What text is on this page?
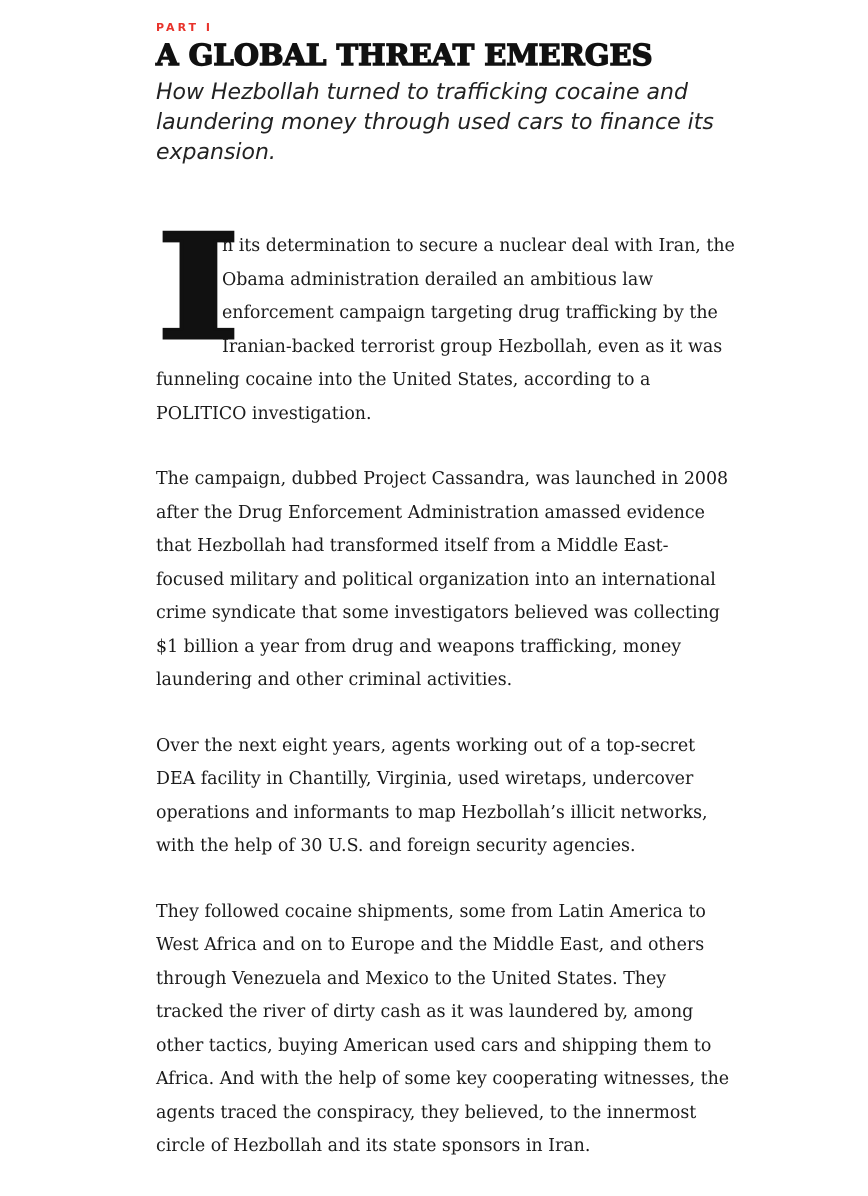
PART I
A GLOBAL THREAT EMERGES
How Hezbollah turned to trafficking cocaine and laundering money through used cars to finance its expansion.

I
n its determination to secure a nuclear deal with Iran, the Obama administration derailed an ambitious law enforcement campaign targeting drug trafficking by the Iranian-backed terrorist group Hezbollah, even as it was funneling cocaine into the United States, according to a POLITICO investigation.

The campaign, dubbed Project Cassandra, was launched in 2008 after the Drug Enforcement Administration amassed evidence that Hezbollah had transformed itself from a Middle East-focused military and political organization into an international crime syndicate that some investigators believed was collecting $1 billion a year from drug and weapons trafficking, money laundering and other criminal activities.

Over the next eight years, agents working out of a top-secret DEA facility in Chantilly, Virginia, used wiretaps, undercover operations and informants to map Hezbollah’s illicit networks, with the help of 30 U.S. and foreign security agencies.

They followed cocaine shipments, some from Latin America to West Africa and on to Europe and the Middle East, and others through Venezuela and Mexico to the United States. They tracked the river of dirty cash as it was laundered by, among other tactics, buying American used cars and shipping them to Africa. And with the help of some key cooperating witnesses, the agents traced the conspiracy, they believed, to the innermost circle of Hezbollah and its state sponsors in Iran.
